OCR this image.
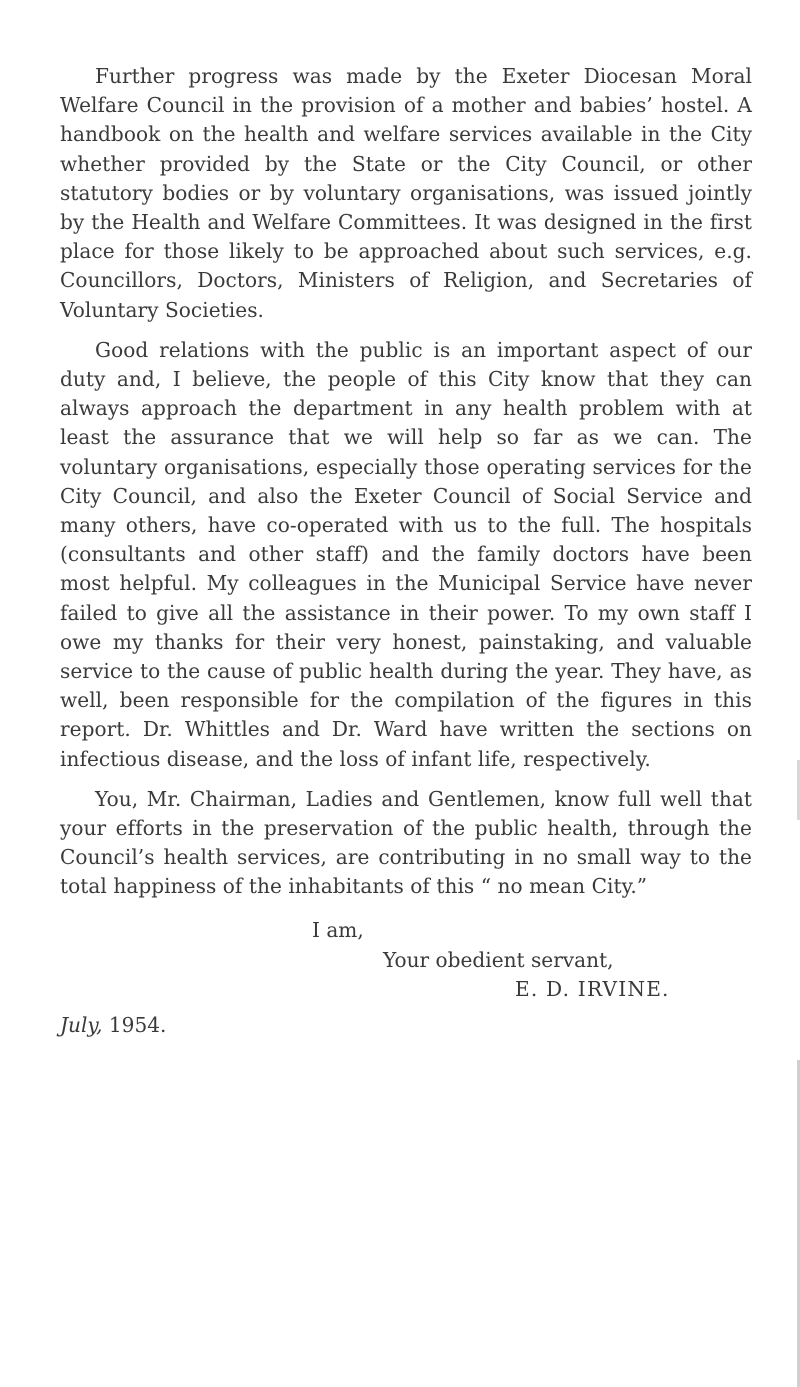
Further progress was made by the Exeter Diocesan Moral Welfare Council in the provision of a mother and babies’ hostel. A handbook on the health and welfare services available in the City whether provided by the State or the City Council, or other statutory bodies or by voluntary organisations, was issued jointly by the Health and Welfare Committees. It was designed in the first place for those likely to be approached about such services, e.g. Councillors, Doctors, Ministers of Religion, and Secretaries of Voluntary Societies.

Good relations with the public is an important aspect of our duty and, I believe, the people of this City know that they can always approach the department in any health problem with at least the assurance that we will help so far as we can. The voluntary organisations, especially those operating services for the City Council, and also the Exeter Council of Social Service and many others, have co-operated with us to the full. The hospitals (consultants and other staff) and the family doctors have been most helpful. My colleagues in the Municipal Service have never failed to give all the assistance in their power. To my own staff I owe my thanks for their very honest, painstaking, and valuable service to the cause of public health during the year. They have, as well, been responsible for the compilation of the figures in this report. Dr. Whittles and Dr. Ward have written the sections on infectious disease, and the loss of infant life, respectively.

You, Mr. Chairman, Ladies and Gentlemen, know full well that your efforts in the preservation of the public health, through the Council’s health services, are contributing in no small way to the total happiness of the inhabitants of this “ no mean City.”

I am,
Your obedient servant,
E. D. IRVINE.
July, 1954.
